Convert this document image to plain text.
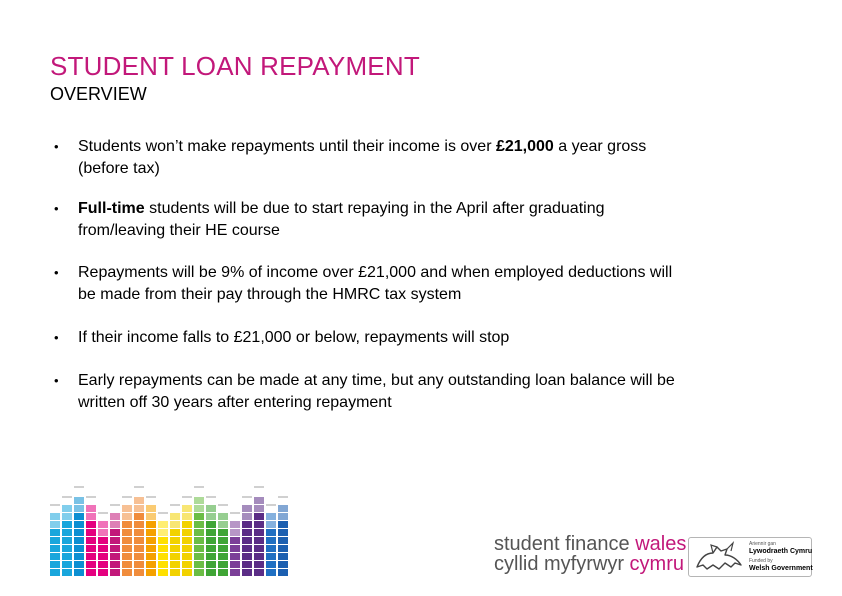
STUDENT LOAN REPAYMENT
OVERVIEW
• Students won’t make repayments until their income is over £21,000 a year gross (before tax)
• Full-time students will be due to start repaying in the April after graduating from/leaving their HE course
• Repayments will be 9% of income over £21,000 and when employed deductions will be made from their pay through the HMRC tax system
• If their income falls to £21,000 or below, repayments will stop
• Early repayments can be made at any time, but any outstanding loan balance will be written off 30 years after entering repayment
student finance wales
cyllid myfyrwyr cymru
Ariennir gan
Lywodraeth Cymru
Funded by
Welsh Government
